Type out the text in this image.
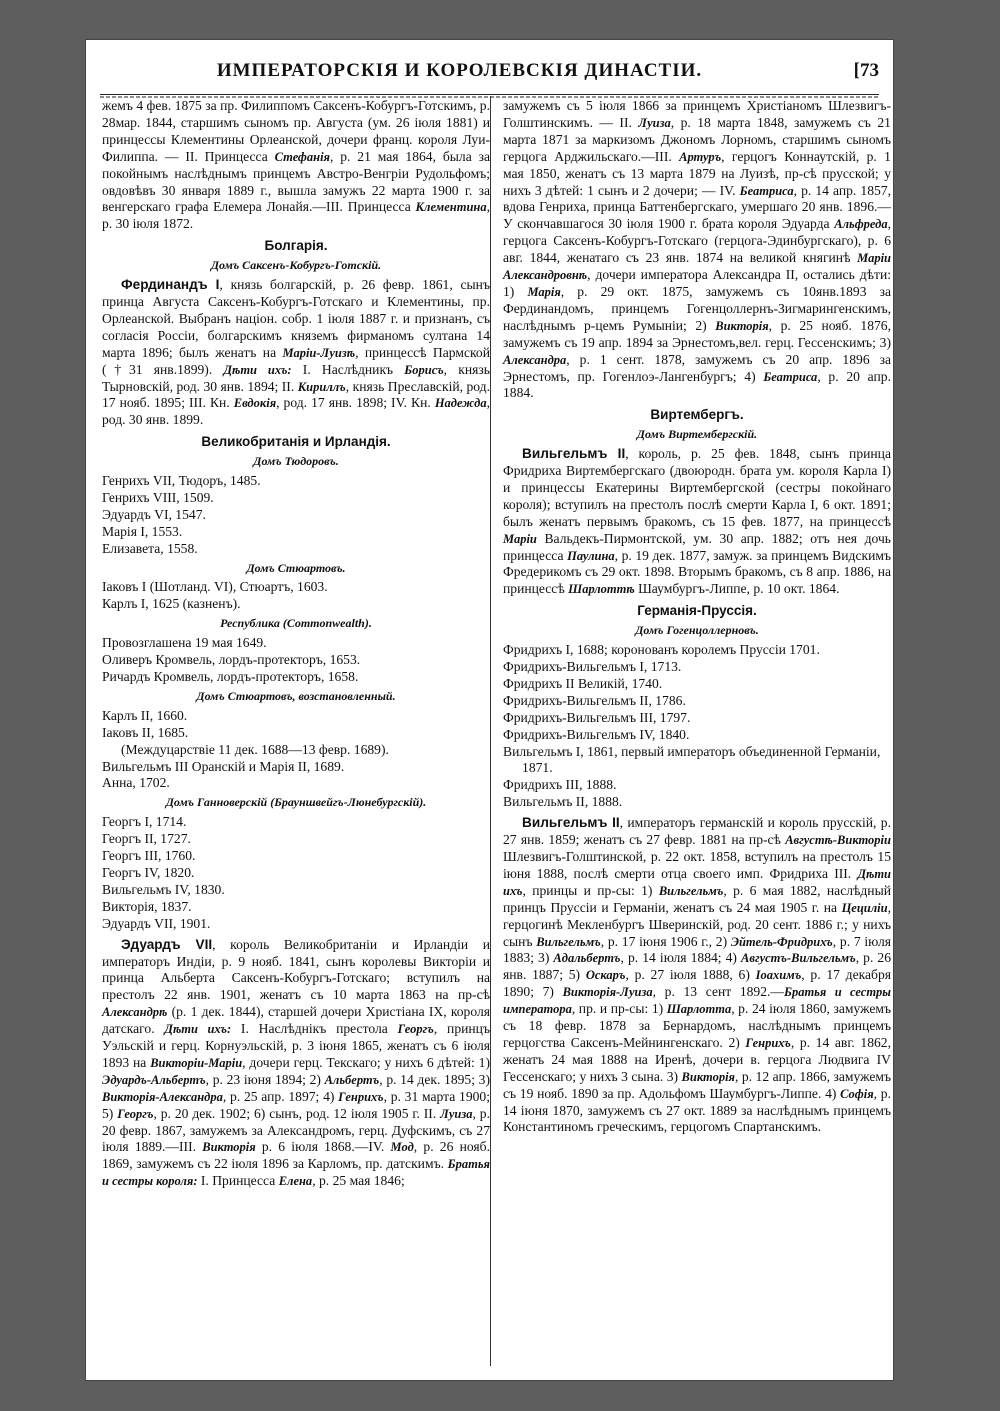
ИМПЕРАТОРСКІЯ И КОРОЛЕВСКІЯ ДИНАСТІИ.	[73

жемъ 4 фев. 1875 за пр. Филиппомъ Саксенъ-Кобургъ-Готскимъ, р. 28мар. 1844, старшимъ сыномъ пр. Августа (ум. 26 іюля 1881) и принцессы Клементины Орлеанской, дочери франц. короля Луи-Филиппа. — II. Принцесса Стефанія, р. 21 мая 1864, была за покойнымъ наслѣднымъ принцемъ Австро-Венгріи Рудольфомъ; овдовѣвъ 30 января 1889 г., вышла замужъ 22 марта 1900 г. за венгерскаго графа Елемера Лонайя.—III. Принцесса Клементина, р. 30 іюля 1872.

Болгарія.
Домъ Саксенъ-Кобургъ-Готскій.

Фердинандъ I, князь болгарскій, р. 26 февр. 1861, сынъ принца Августа Саксенъ-Кобургъ-Готскаго и Клементины, пр. Орлеанской. Выбранъ націон. собр. 1 іюля 1887 г. и признанъ, съ согласія Россіи, болгарскимъ княземъ фирманомъ султана 14 марта 1896; былъ женатъ на Маріи-Луизѣ, принцессѣ Пармской (†31 янв.1899). Дѣти ихъ: I. Наслѣдникъ Борисъ, князь Тырновскій, род. 30 янв. 1894; II. Кириллъ, князь Преславскій, род. 17 нояб. 1895; III. Кн. Евдокія, род. 17 янв. 1898; IV. Кн. Надежда, род. 30 янв. 1899.

Великобританія и Ирландія.
Домъ Тюдоровъ.

Генрихъ VII, Тюдоръ, 1485.

Генрихъ VIII, 1509.

Эдуардъ VI, 1547.

Марія I, 1553.

Елизавета, 1558.

Домъ Стюартовъ.

Іаковъ I (Шотланд. VI), Стюартъ, 1603.

Карлъ I, 1625 (казненъ).

Республика (Commonwealth).

Провозглашена 19 мая 1649.

Оливеръ Кромвель, лордъ-протекторъ, 1653.

Ричардъ Кромвель, лордъ-протекторъ, 1658.

Домъ Стюартовъ, возстановленный.

Карлъ II, 1660.

Іаковъ II, 1685.

(Междуцарствіе 11 дек. 1688—13 февр. 1689).

Вильгельмъ III Оранскій и Марія II, 1689.

Анна, 1702.

Домъ Ганноверскій (Брауншвейгъ-Люнебургскій).

Георгъ I, 1714.

Георгъ II, 1727.

Георгъ III, 1760.

Георгъ IV, 1820.

Вильгельмъ IV, 1830.

Викторія, 1837.

Эдуардъ VII, 1901.

Эдуардъ VII, король Великобританіи и Ирландіи и императоръ Индіи, р. 9 нояб. 1841, сынъ королевы Викторіи и принца Альберта Саксенъ-Кобургъ-Готскаго; вступилъ на престолъ 22 янв. 1901, женатъ съ 10 марта 1863 на пр-сѣ Александрѣ (р. 1 дек. 1844), старшей дочери Христіана IX, короля датскаго. Дѣти ихъ: I. Наслѣднікъ престола Георгъ, принцъ Уэльскій и герц. Корнуэльскій, р. 3 іюня 1865, женатъ съ 6 іюля 1893 на Викторіи-Маріи, дочери герц. Текскаго; у нихъ 6 дѣтей: 1) Эдуардъ-Альбертъ, р. 23 іюня 1894; 2) Альбертъ, р. 14 дек. 1895; 3) Викторія-Александра, р. 25 апр. 1897; 4) Генрихъ, р. 31 марта 1900; 5) Георгъ, р. 20 дек. 1902; 6) сынъ, род. 12 іюля 1905 г. II. Луиза, р. 20 февр. 1867, замужемъ за Александромъ, герц. Дуфскимъ, съ 27 іюля 1889.—III. Викторія р. 6 іюля 1868.—IV. Мод, р. 26 нояб. 1869, замужемъ съ 22 іюля 1896 за Карломъ, пр. датскимъ. Братья и сестры короля: I. Принцесса Елена, р. 25 мая 1846;

замужемъ съ 5 іюля 1866 за принцемъ Христіаномъ Шлезвигъ-Голштинскимъ. — II. Луиза, р. 18 марта 1848, замужемъ съ 21 марта 1871 за маркизомъ Джономъ Лорномъ, старшимъ сыномъ герцога Арджильскаго.—III. Артуръ, герцогъ Коннаутскій, р. 1 мая 1850, женатъ съ 13 марта 1879 на Луизѣ, пр-сѣ прусской; у нихъ 3 дѣтей: 1 сынъ и 2 дочери; — IV. Беатриса, р. 14 апр. 1857, вдова Генриха, принца Баттенбергскаго, умершаго 20 янв. 1896.—У скончавшагося 30 іюля 1900 г. брата короля Эдуарда Альфреда, герцога Саксенъ-Кобургъ-Готскаго (герцога-Эдинбургскаго), р. 6 авг. 1844, женатаго съ 23 янв. 1874 на великой княгинѣ Маріи Александровнѣ, дочери императора Александра II, остались дѣти: 1) Марія, р. 29 окт. 1875, замужемъ съ 10янв.1893 за Фердинандомъ, принцемъ Гогенцоллернъ-Зигмарингенскимъ, наслѣднымъ р-цемъ Румыніи; 2) Викторія, р. 25 нояб. 1876, замужемъ съ 19 апр. 1894 за Эрнестомъ,вел. герц. Гессенскимъ; 3) Александра, р. 1 сент. 1878, замужемъ съ 20 апр. 1896 за Эрнестомъ, пр. Гогенлоэ-Лангенбургъ; 4) Беатриса, р. 20 апр. 1884.

Виртембергъ.
Домъ Виртембергскій.

Вильгельмъ II, король, р. 25 фев. 1848, сынъ принца Фридриха Виртембергскаго (двоюродн. брата ум. короля Карла I) и принцессы Екатерины Виртембергской (сестры покойнаго короля); вступилъ на престолъ послѣ смерти Карла I, 6 окт. 1891; былъ женатъ первымъ бракомъ, съ 15 фев. 1877, на принцессѣ Маріи Вальдекъ-Пирмонтской, ум. 30 апр. 1882; отъ нея дочь принцесса Паулина, р. 19 дек. 1877, замуж. за принцемъ Видскимъ Фредерикомъ съ 29 окт. 1898. Вторымъ бракомъ, съ 8 апр. 1886, на принцессѣ Шарлоттѣ Шаумбургъ-Липпе, р. 10 окт. 1864.

Германія-Пруссія.
Домъ Гогенцоллерновъ.

Фридрихъ I, 1688; коронованъ королемъ Пруссіи 1701.

Фридрихъ-Вильгельмъ I, 1713.

Фридрихъ II Великій, 1740.

Фридрихъ-Вильгельмъ II, 1786.

Фридрихъ-Вильгельмъ III, 1797.

Фридрихъ-Вильгельмъ IV, 1840.

Вильгельмъ I, 1861, первый императоръ объединенной Германіи, 1871.

Фридрихъ III, 1888.

Вильгельмъ II, 1888.

Вильгельмъ II, императоръ германскій и король прусскій, р. 27 янв. 1859; женатъ съ 27 февр. 1881 на пр-сѣ Августѣ-Викторіи Шлезвигъ-Голштинской, р. 22 окт. 1858, вступилъ на престолъ 15 іюня 1888, послѣ смерти отца своего имп. Фридриха III. Дѣти ихъ, принцы и пр-сы: 1) Вильгельмъ, р. 6 мая 1882, наслѣдный принцъ Пруссіи и Германіи, женатъ съ 24 мая 1905 г. на Цециліи, герцогинѣ Мекленбургъ Шверинскій, род. 20 сент. 1886 г.; у нихъ сынъ Вильгельмъ, р. 17 іюня 1906 г., 2) Эйтель-Фридрихъ, р. 7 іюля 1883; 3) Адальбертъ, р. 14 іюля 1884; 4) Августъ-Вильгельмъ, р. 26 янв. 1887; 5) Оскаръ, р. 27 іюля 1888, 6) Іоахимъ, р. 17 декабря 1890; 7) Викторія-Луиза, р. 13 сент 1892.—Братья и сестры императора, пр. и пр-сы: 1) Шарлотта, р. 24 іюля 1860, замужемъ съ 18 февр. 1878 за Бернардомъ, наслѣднымъ принцемъ герцогства Саксенъ-Мейнингенскаго. 2) Генрихъ, р. 14 авг. 1862, женатъ 24 мая 1888 на Иренѣ, дочери в. герцога Людвига IV Гессенскаго; у нихъ 3 сына. 3) Викторія, р. 12 апр. 1866, замужемъ съ 19 нояб. 1890 за пр. Адольфомъ Шаумбургъ-Липпе. 4) Софія, р. 14 іюня 1870, замужемъ съ 27 окт. 1889 за наслѣднымъ принцемъ Константиномъ греческимъ, герцогомъ Спартанскимъ.
